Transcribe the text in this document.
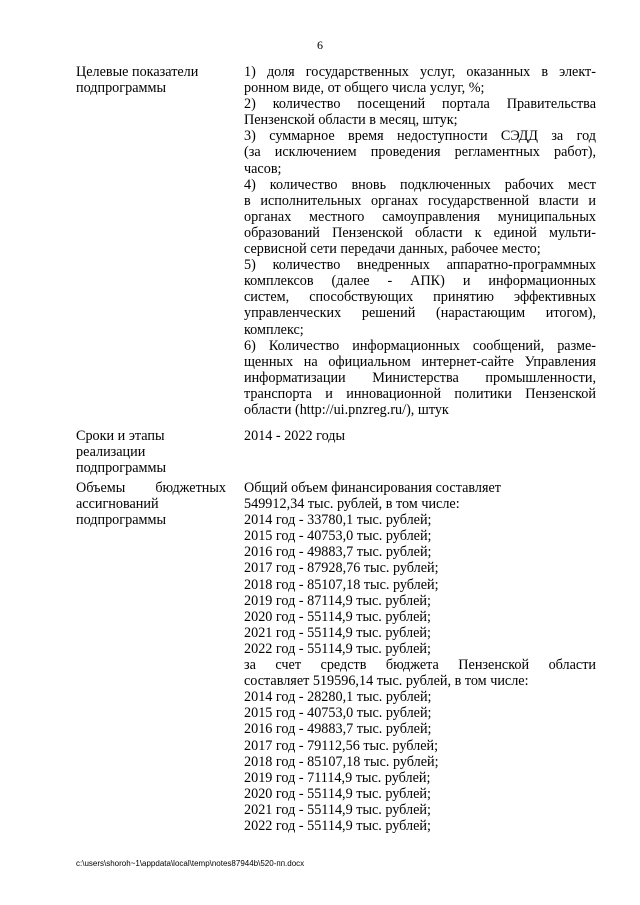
6
Целевые показатели
подпрограммы
1) доля государственных услуг, оказанных в элект-
ронном виде, от общего числа услуг, %;
2) количество посещений портала Правительства
Пензенской области в месяц, штук;
3) суммарное время недоступности СЭДД за год
(за исключением проведения регламентных работ),
часов;
4) количество вновь подключенных рабочих мест
в исполнительных органах государственной власти и
органах местного самоуправления муниципальных
образований Пензенской области к единой мульти-
сервисной сети передачи данных, рабочее место;
5) количество внедренных аппаратно-программных
комплексов (далее - АПК) и информационных
систем, способствующих принятию эффективных
управленческих решений (нарастающим итогом),
комплекс;
6) Количество информационных сообщений, разме-
щенных на официальном интернет-сайте Управления
информатизации Министерства промышленности,
транспорта и инновационной политики Пензенской
области (http://ui.pnzreg.ru/), штук
Сроки и этапы
реализации
подпрограммы
2014 - 2022 годы
Объемы бюджетных
ассигнований
подпрограммы
Общий объем финансирования составляет
549912,34 тыс. рублей, в том числе:
2014 год - 33780,1 тыс. рублей;
2015 год - 40753,0 тыс. рублей;
2016 год - 49883,7 тыс. рублей;
2017 год - 87928,76 тыс. рублей;
2018 год - 85107,18 тыс. рублей;
2019 год - 87114,9 тыс. рублей;
2020 год - 55114,9 тыс. рублей;
2021 год - 55114,9 тыс. рублей;
2022 год - 55114,9 тыс. рублей;
за счет средств бюджета Пензенской области
составляет 519596,14 тыс. рублей, в том числе:
2014 год - 28280,1 тыс. рублей;
2015 год - 40753,0 тыс. рублей;
2016 год - 49883,7 тыс. рублей;
2017 год - 79112,56 тыс. рублей;
2018 год - 85107,18 тыс. рублей;
2019 год - 71114,9 тыс. рублей;
2020 год - 55114,9 тыс. рублей;
2021 год - 55114,9 тыс. рублей;
2022 год - 55114,9 тыс. рублей;
c:\users\shoroh~1\appdata\local\temp\notes87944b\520-пп.docx
